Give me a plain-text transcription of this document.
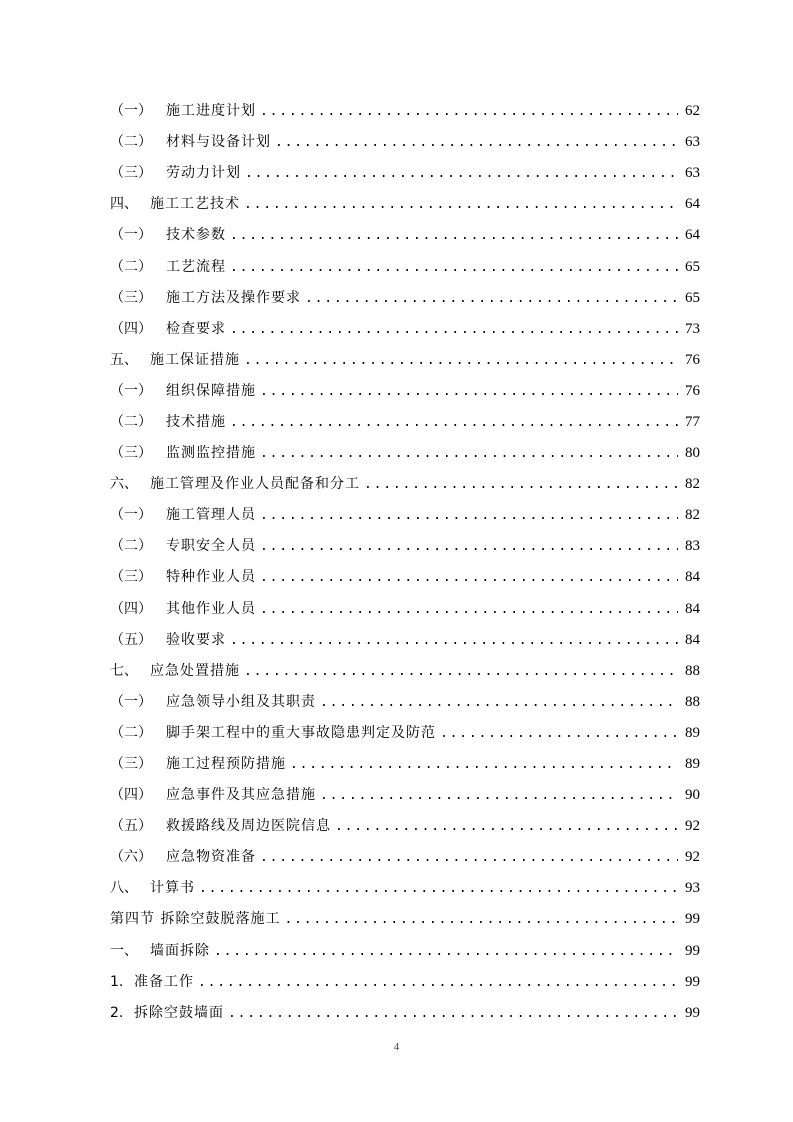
（一）	施工进度计划 .....	62
（二）	材料与设备计划 .....	63
（三）	劳动力计划 .....	63
四、 施工工艺技术 .....	64
（一）	技术参数 .....	64
（二）	工艺流程 .....	65
（三）	施工方法及操作要求 .....	65
（四）	检查要求 .....	73
五、 施工保证措施 .....	76
（一）	组织保障措施 .....	76
（二）	技术措施 .....	77
（三）	监测监控措施 .....	80
六、 施工管理及作业人员配备和分工 .....	82
（一）	施工管理人员 .....	82
（二）	专职安全人员 .....	83
（三）	特种作业人员 .....	84
（四）	其他作业人员 .....	84
（五）	验收要求 .....	84
七、 应急处置措施 .....	88
（一）	应急领导小组及其职责 .....	88
（二）	脚手架工程中的重大事故隐患判定及防范 .....	89
（三）	施工过程预防措施 .....	89
（四）	应急事件及其应急措施 .....	90
（五）	救援路线及周边医院信息 .....	92
（六）	应急物资准备 .....	92
八、 计算书 .....	93
第四节 拆除空鼓脱落施工 .....	99
一、 墙面拆除 .....	99
1. 准备工作 .....	99
2. 拆除空鼓墙面 .....	99
4
